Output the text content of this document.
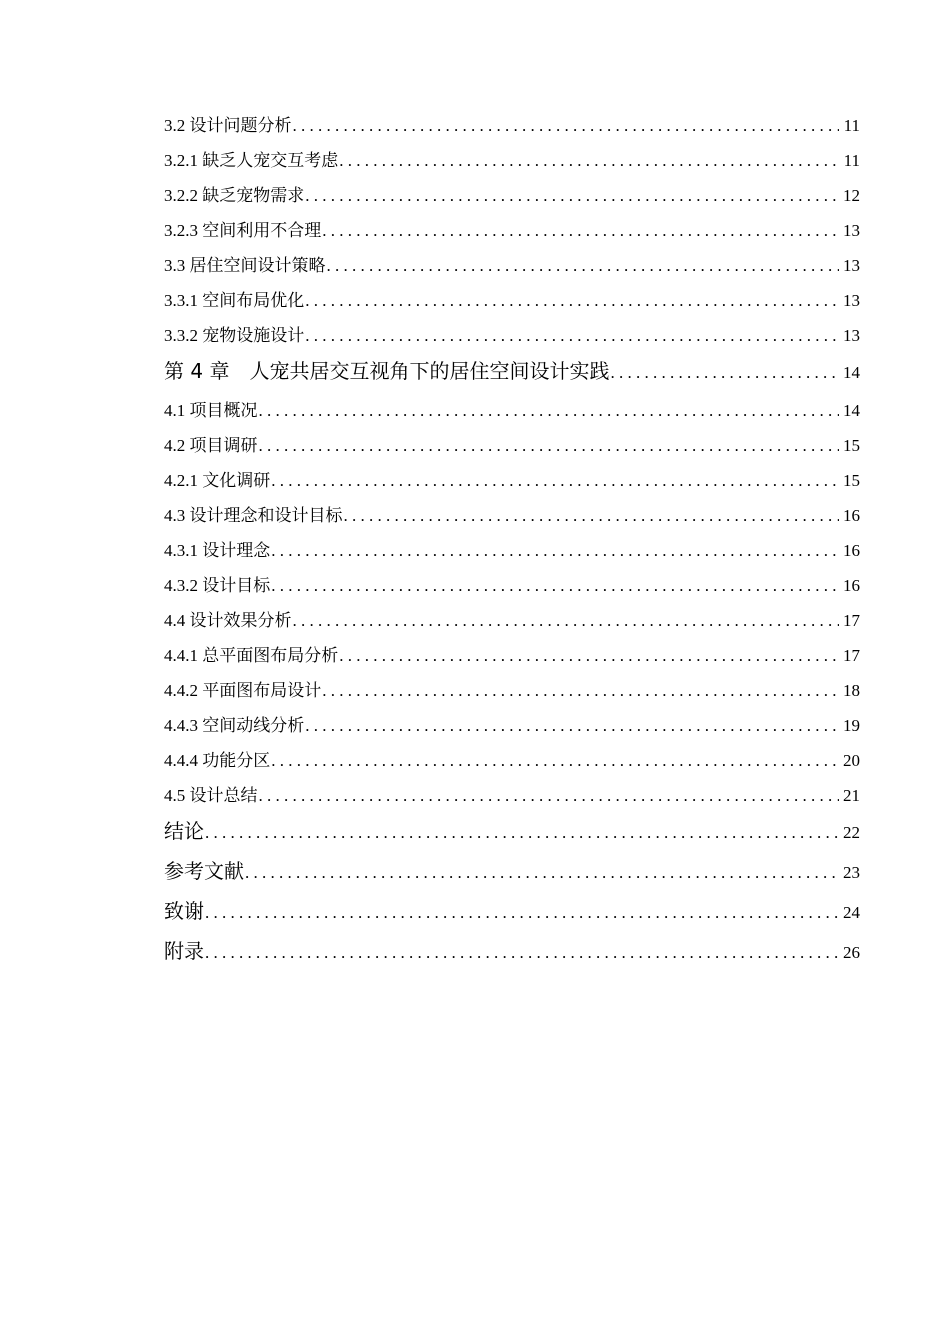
3.2 设计问题分析 . . .	11
3.2.1 缺乏人宠交互考虑 . . .	11
3.2.2 缺乏宠物需求 . . .	12
3.2.3 空间利用不合理 . . .	13
3.3 居住空间设计策略 . . .	13
3.3.1 空间布局优化 . . .	13
3.3.2 宠物设施设计 . . .	13
第 4 章　人宠共居交互视角下的居住空间设计实践 . . .	14
4.1 项目概况 . . .	14
4.2 项目调研 . . .	15
4.2.1 文化调研 . . .	15
4.3 设计理念和设计目标 . . .	16
4.3.1 设计理念 . . .	16
4.3.2 设计目标 . . .	16
4.4 设计效果分析 . . .	17
4.4.1 总平面图布局分析 . . .	17
4.4.2 平面图布局设计 . . .	18
4.4.3 空间动线分析 . . .	19
4.4.4 功能分区 . . .	20
4.5 设计总结 . . .	21
结论 . . .	22
参考文献 . . .	23
致谢 . . .	24
附录 . . .	26
